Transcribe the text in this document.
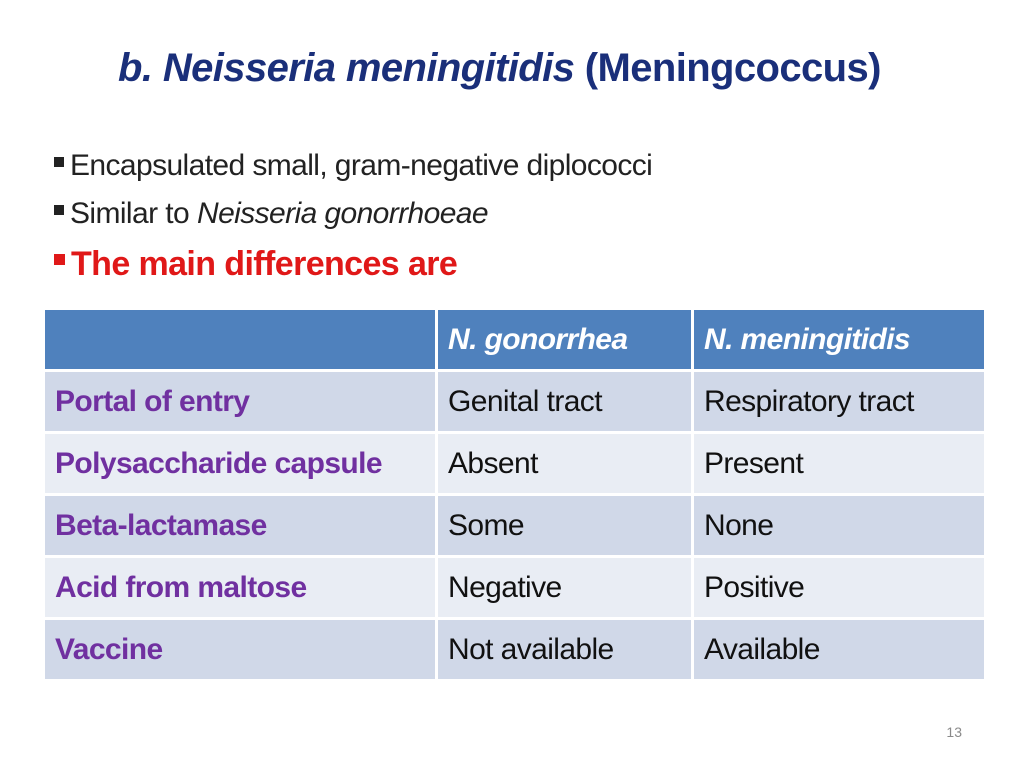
b. Neisseria meningitidis (Meningcoccus)
Encapsulated small, gram-negative diplococci
Similar to Neisseria gonorrhoeae
The main differences are
	N. gonorrhea	N. meningitidis
Portal of entry	Genital tract	Respiratory tract
Polysaccharide capsule	Absent	Present
Beta-lactamase	Some	None
Acid from maltose	Negative	Positive
Vaccine	Not available	Available
13
